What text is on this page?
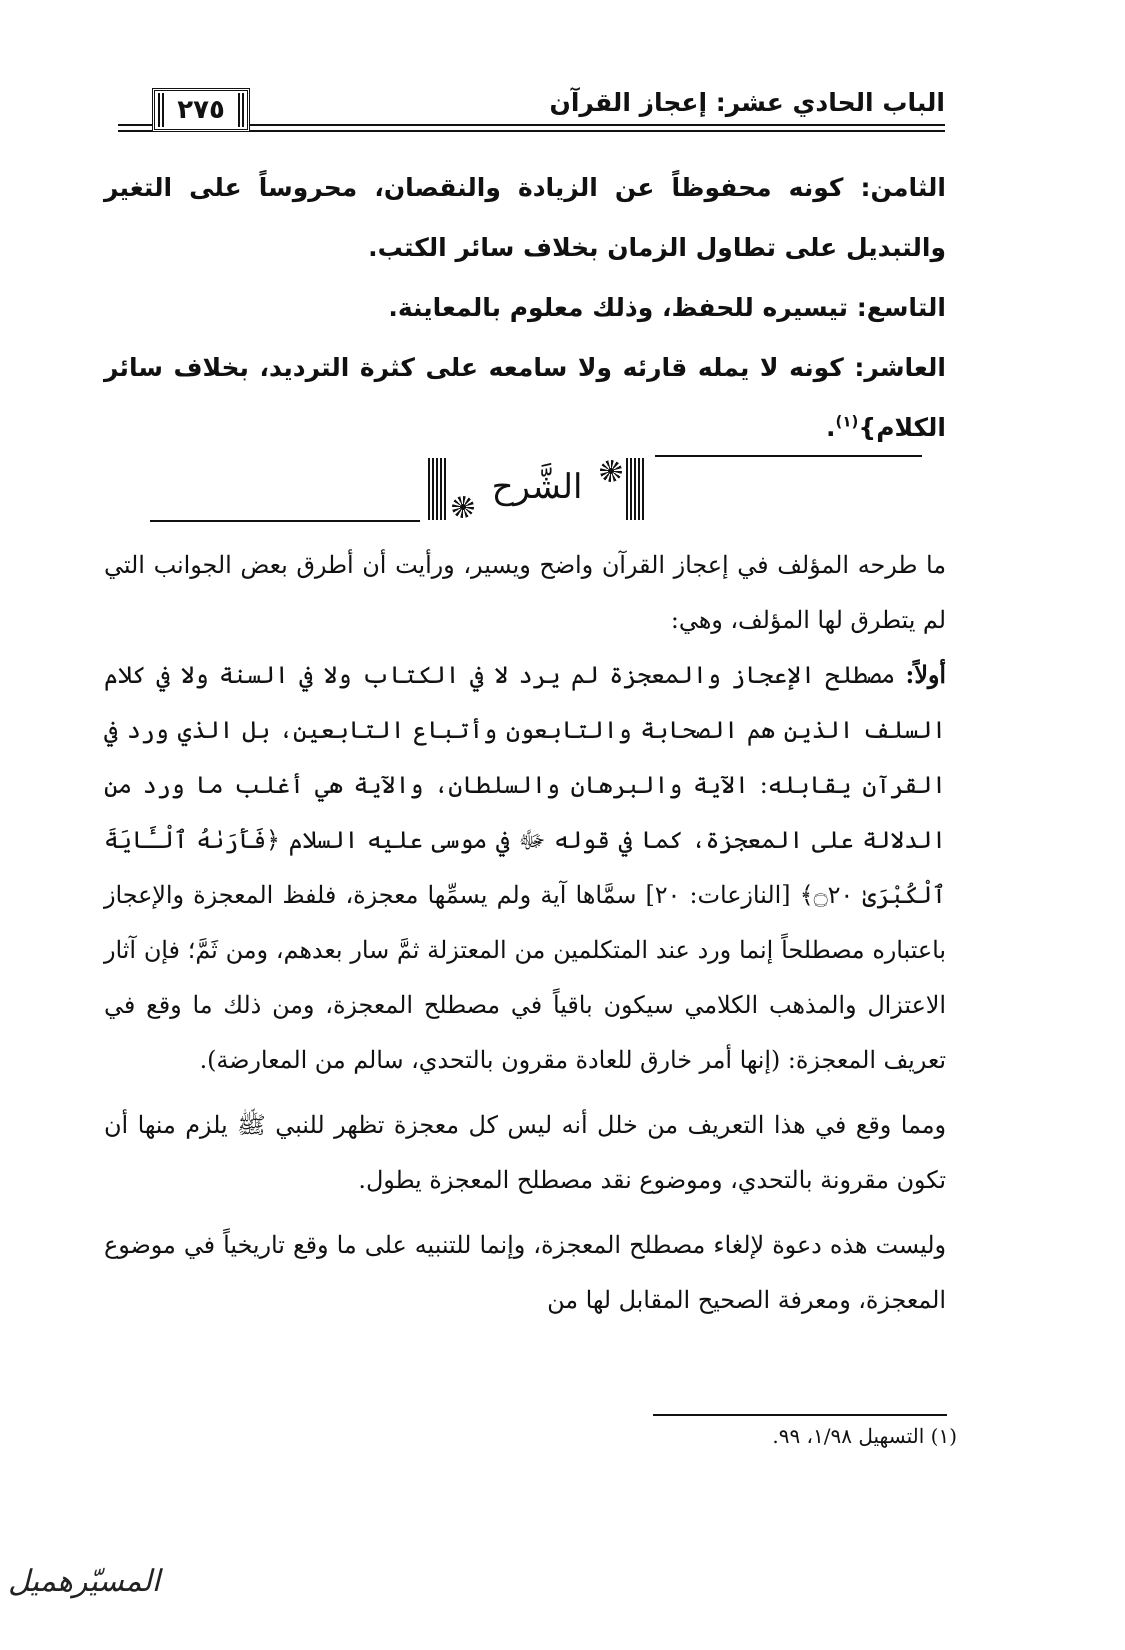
الباب الحادي عشر: إعجاز القرآن
٢٧٥

الثامن: كونه محفوظاً عن الزيادة والنقصان، محروساً على التغير والتبديل على تطاول الزمان بخلاف سائر الكتب.

التاسع: تيسيره للحفظ، وذلك معلوم بالمعاينة.

العاشر: كونه لا يمله قارئه ولا سامعه على كثرة الترديد، بخلاف سائر الكلام}$^{(١)}$.

الشَّرح

ما طرحه المؤلف في إعجاز القرآن واضح ويسير، ورأيت أن أطرق بعض الجوانب التي لم يتطرق لها المؤلف، وهي:

أولاً: مصطلح الإعجاز والمعجزة لم يرد لا في الكتاب ولا في السنة ولا في كلام السلف الذين هم الصحابة والتابعون وأتباع التابعين، بل الذي ورد في القرآن يقابله: الآية والبرهان والسلطان، والآية هي أغلب ما ورد من الدلالة على المعجزة، كما في قوله ﷻ في موسى عليه السلام ﴿فَأَرَىٰهُ ٱلْـَٔايَةَ ٱلْكُبْرَىٰ ۝٢٠﴾ [النازعات: ٢٠] سمَّاها آية ولم يسمِّها معجزة، فلفظ المعجزة والإعجاز باعتباره مصطلحاً إنما ورد عند المتكلمين من المعتزلة ثمَّ سار بعدهم، ومن ثَمَّ؛ فإن آثار الاعتزال والمذهب الكلامي سيكون باقياً في مصطلح المعجزة، ومن ذلك ما وقع في تعريف المعجزة: (إنها أمر خارق للعادة مقرون بالتحدي، سالم من المعارضة).

ومما وقع في هذا التعريف من خلل أنه ليس كل معجزة تظهر للنبي ﷺ يلزم منها أن تكون مقرونة بالتحدي، وموضوع نقد مصطلح المعجزة يطول.

وليست هذه دعوة لإلغاء مصطلح المعجزة، وإنما للتنبيه على ما وقع تاريخياً في موضوع المعجزة، ومعرفة الصحيح المقابل لها من

(١) التسهيل ١/٩٨، ٩٩.
المسيّرهميل
